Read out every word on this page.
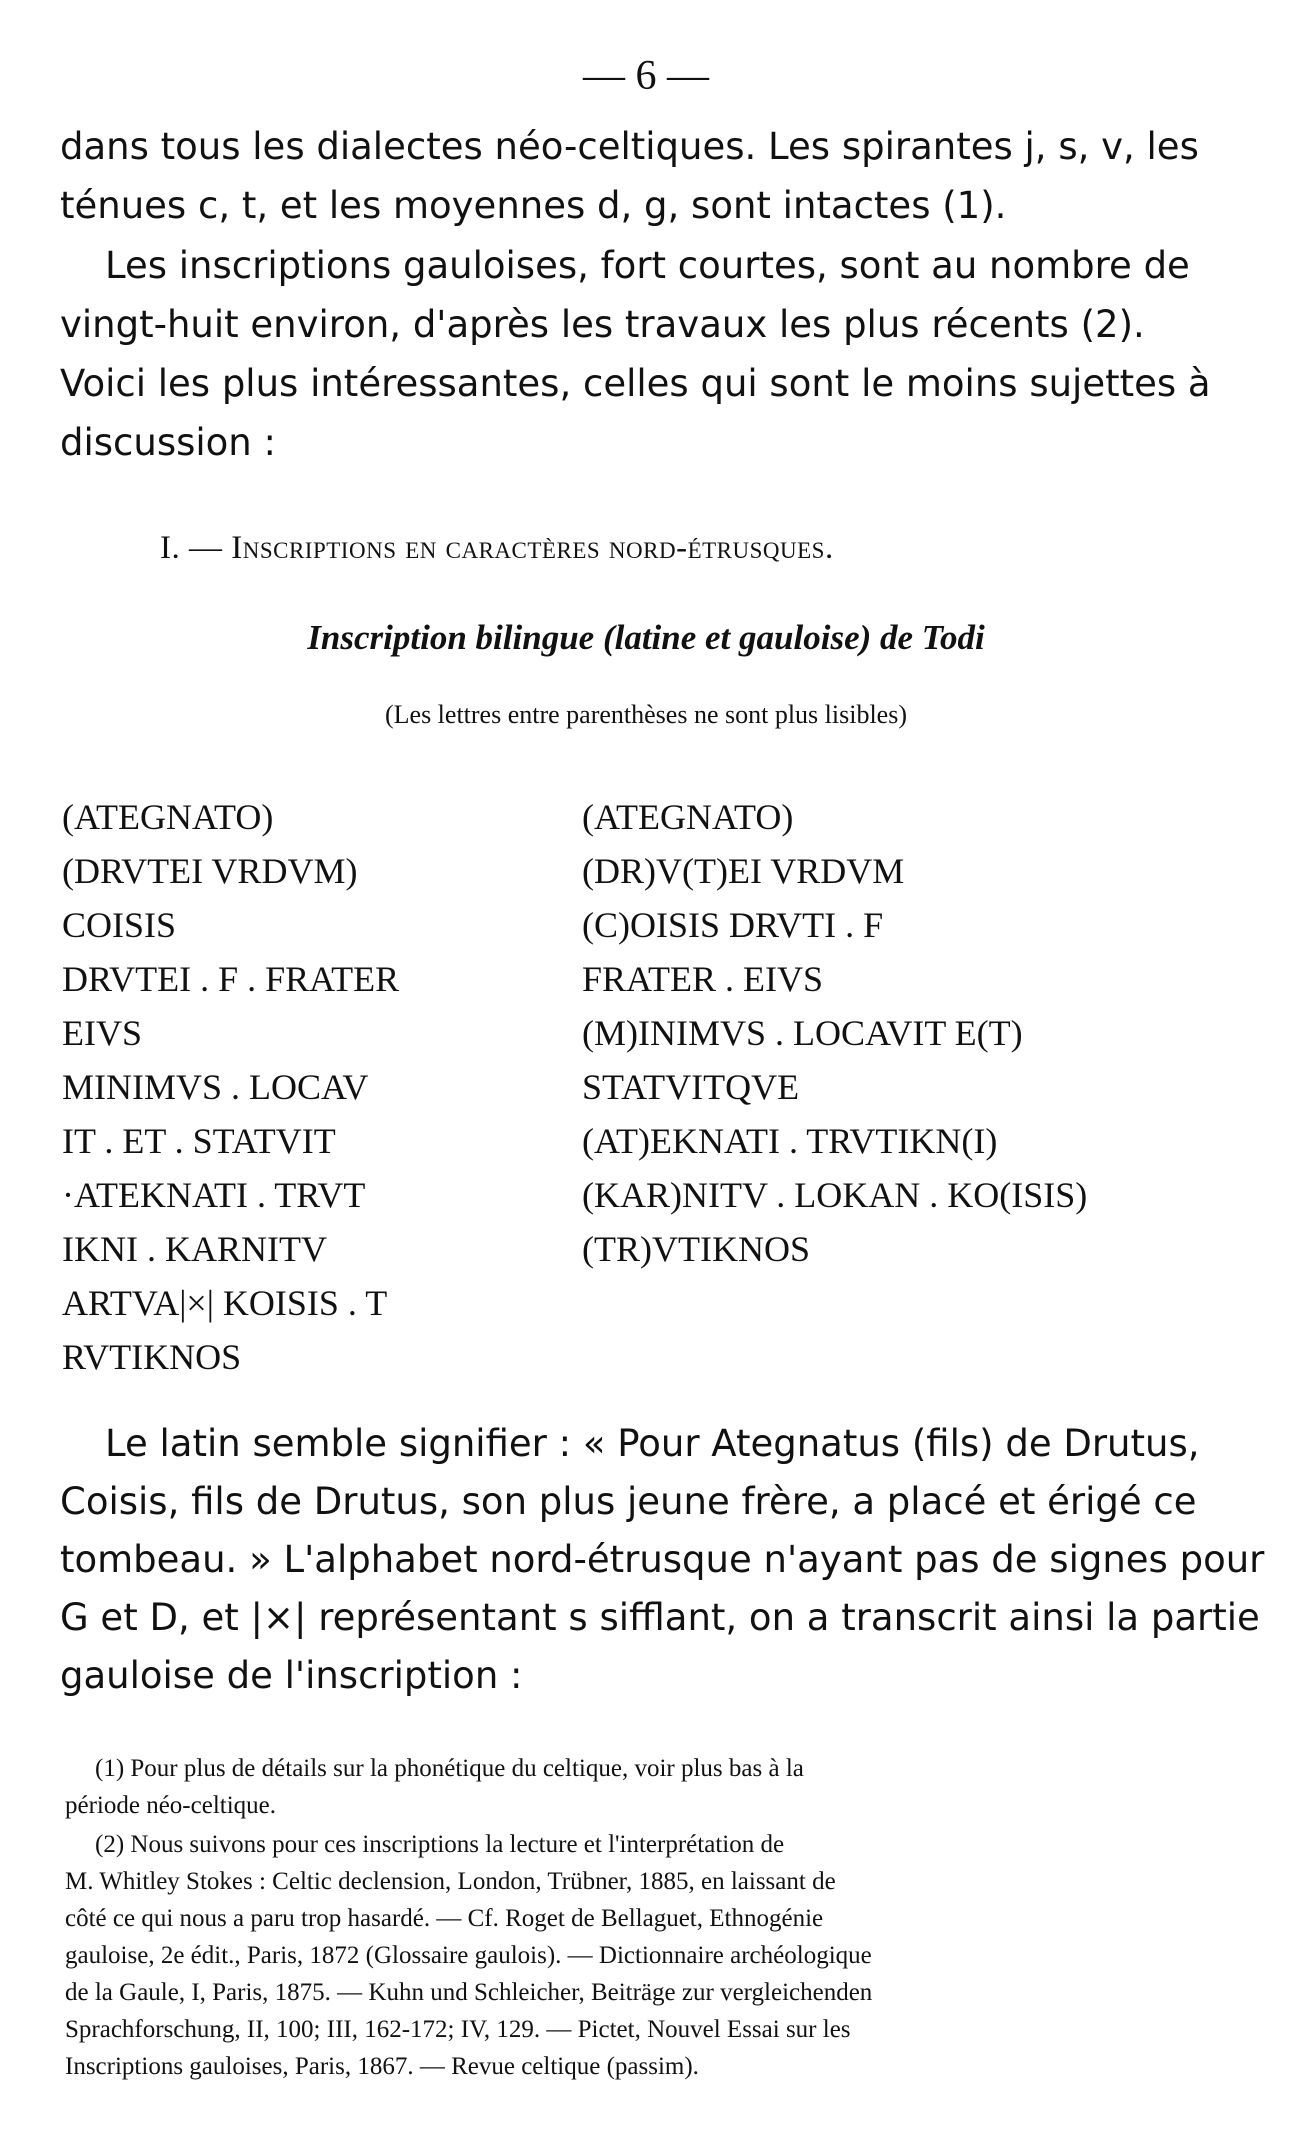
— 6 —
dans tous les dialectes néo-celtiques. Les spirantes j, s, v, les
ténues c, t, et les moyennes d, g, sont intactes (1).
Les inscriptions gauloises, fort courtes, sont au nombre de
vingt-huit environ, d'après les travaux les plus récents (2).
Voici les plus intéressantes, celles qui sont le moins sujettes à
discussion :
I. — Inscriptions en caractères nord-étrusques.
Inscription bilingue (latine et gauloise) de Todi
(Les lettres entre parenthèses ne sont plus lisibles)
(ATEGNATO)
(DRVTEI VRDVM)
COISIS
DRVTEI . F . FRATER
EIVS
MINIMVS . LOCAV
IT . ET . STATVIT
·ATEKNATI . TRVT
IKNI . KARNITV
ARTVA|×| KOISIS . T
RVTIKNOS
(ATEGNATO)
(DR)V(T)EI VRDVM
(C)OISIS DRVTI . F
FRATER . EIVS
(M)INIMVS . LOCAVIT E(T)
STATVITQVE
(AT)EKNATI . TRVTIKN(I)
(KAR)NITV . LOKAN . KO(ISIS)
(TR)VTIKNOS
Le latin semble signifier : « Pour Ategnatus (fils) de Drutus,
Coisis, fils de Drutus, son plus jeune frère, a placé et érigé ce
tombeau. » L'alphabet nord-étrusque n'ayant pas de signes pour
G et D, et |×| représentant s sifflant, on a transcrit ainsi la partie
gauloise de l'inscription :
(1) Pour plus de détails sur la phonétique du celtique, voir plus bas à la
période néo-celtique.
(2) Nous suivons pour ces inscriptions la lecture et l'interprétation de
M. Whitley Stokes : Celtic declension, London, Trübner, 1885, en laissant de
côté ce qui nous a paru trop hasardé. — Cf. Roget de Bellaguet, Ethnogénie
gauloise, 2e édit., Paris, 1872 (Glossaire gaulois). — Dictionnaire archéologique
de la Gaule, I, Paris, 1875. — Kuhn und Schleicher, Beiträge zur vergleichenden
Sprachforschung, II, 100; III, 162-172; IV, 129. — Pictet, Nouvel Essai sur les
Inscriptions gauloises, Paris, 1867. — Revue celtique (passim).
